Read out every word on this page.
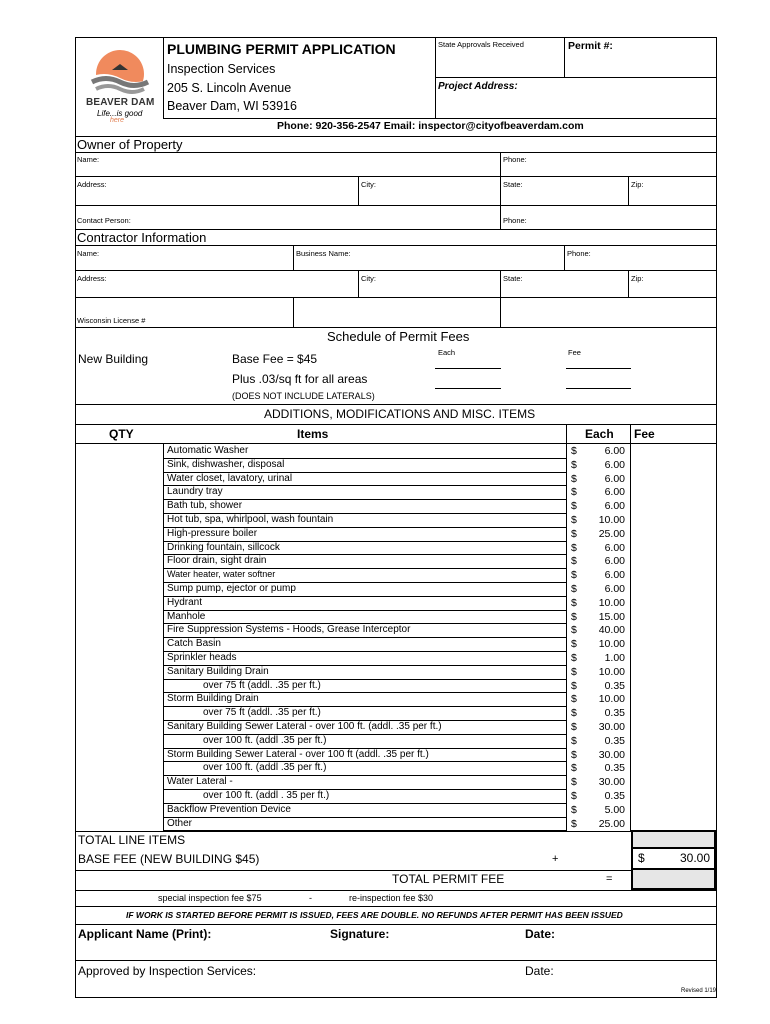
BEAVER DAM
Life...is good
here
PLUMBING PERMIT APPLICATION
Inspection Services
205 S. Lincoln Avenue
Beaver Dam, WI 53916
Phone: 920-356-2547 Email: inspector@cityofbeaverdam.com
State Approvals Received	Permit #:
Project Address:
Owner of Property
Name:	Phone:
Address:	City:	State:	Zip:
Contact Person:	Phone:
Contractor Information
Name:	Business Name:	Phone:
Address:	City:	State:	Zip:
Wisconsin License #
Schedule of Permit Fees
Each	Fee
New Building	Base Fee = $45
Plus .03/sq ft for all areas
(DOES NOT INCLUDE LATERALS)
ADDITIONS, MODIFICATIONS AND MISC. ITEMS
QTY	Items	Each Fee
Automatic Washer	$	6.00
Sink, dishwasher, disposal	$	6.00
Water closet, lavatory, urinal	$	6.00
Laundry tray	$	6.00
Bath tub, shower	$	6.00
Hot tub, spa, whirlpool, wash fountain	$	10.00
High-pressure boiler	$	25.00
Drinking fountain, sillcock	$	6.00
Floor drain, sight drain	$	6.00
Water heater, water softner	$	6.00
Sump pump, ejector or pump	$	6.00
Hydrant	$	10.00
Manhole	$	15.00
Fire Suppression Systems - Hoods, Grease Interceptor	$	40.00
Catch Basin	$	10.00
Sprinkler heads	$	1.00
Sanitary Building Drain	$	10.00
over 75 ft (addl. .35 per ft.)	$	0.35
Storm Building Drain	$	10.00
over 75 ft (addl. .35 per ft.)	$	0.35
Sanitary Building Sewer Lateral - over 100 ft. (addl. .35 per ft.)	$	30.00
over 100 ft. (addl .35 per ft.)	$	0.35
Storm Building Sewer Lateral - over 100 ft (addl. .35 per ft.)	$	30.00
over 100 ft. (addl .35 per ft.)	$	0.35
Water Lateral -	$	30.00
over 100 ft. (addl . 35 per ft.)	$	0.35
Backflow Prevention Device	$	5.00
Other	$	25.00
TOTAL LINE ITEMS
BASE FEE (NEW BUILDING $45)	+	$	30.00
TOTAL PERMIT FEE	=
special inspection fee $75	-	re-inspection fee $30
IF WORK IS STARTED BEFORE PERMIT IS ISSUED, FEES ARE DOUBLE. NO REFUNDS AFTER PERMIT HAS BEEN ISSUED
Applicant Name (Print):	Signature:	Date:
Approved by Inspection Services:	Date:
Revised 1/19
